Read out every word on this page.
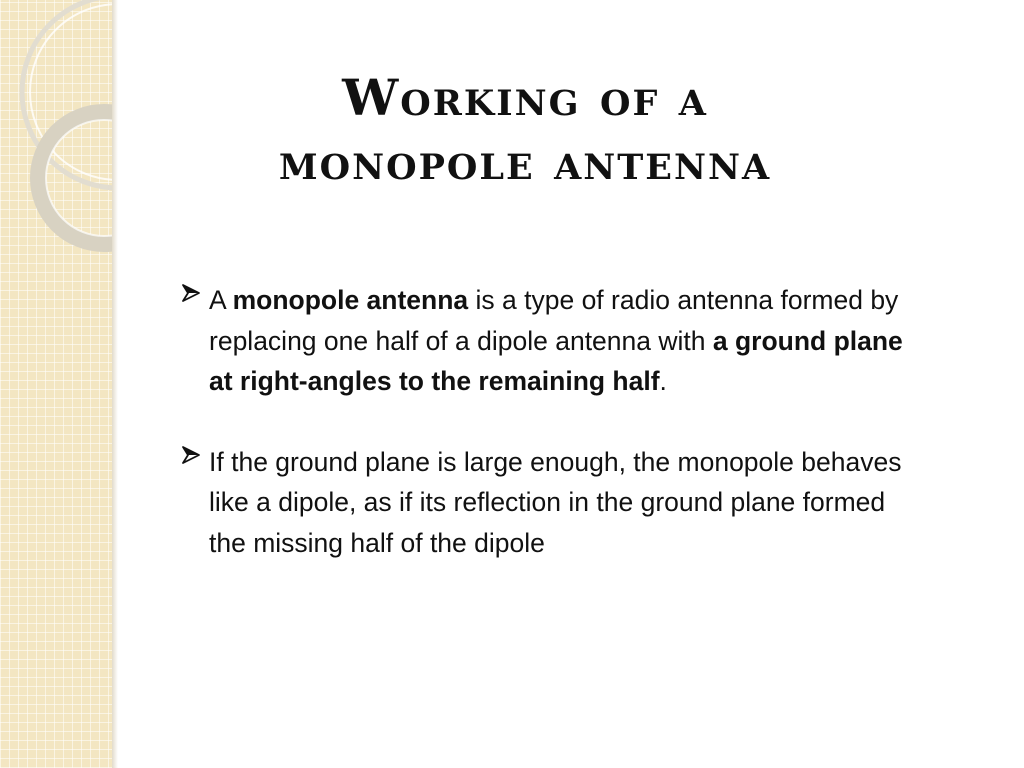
Working of a
monopole antenna
A monopole antenna is a type of radio antenna formed by replacing one half of a dipole antenna with a ground plane at right-angles to the remaining half.
If the ground plane is large enough, the monopole behaves like a dipole, as if its reflection in the ground plane formed the missing half of the dipole
